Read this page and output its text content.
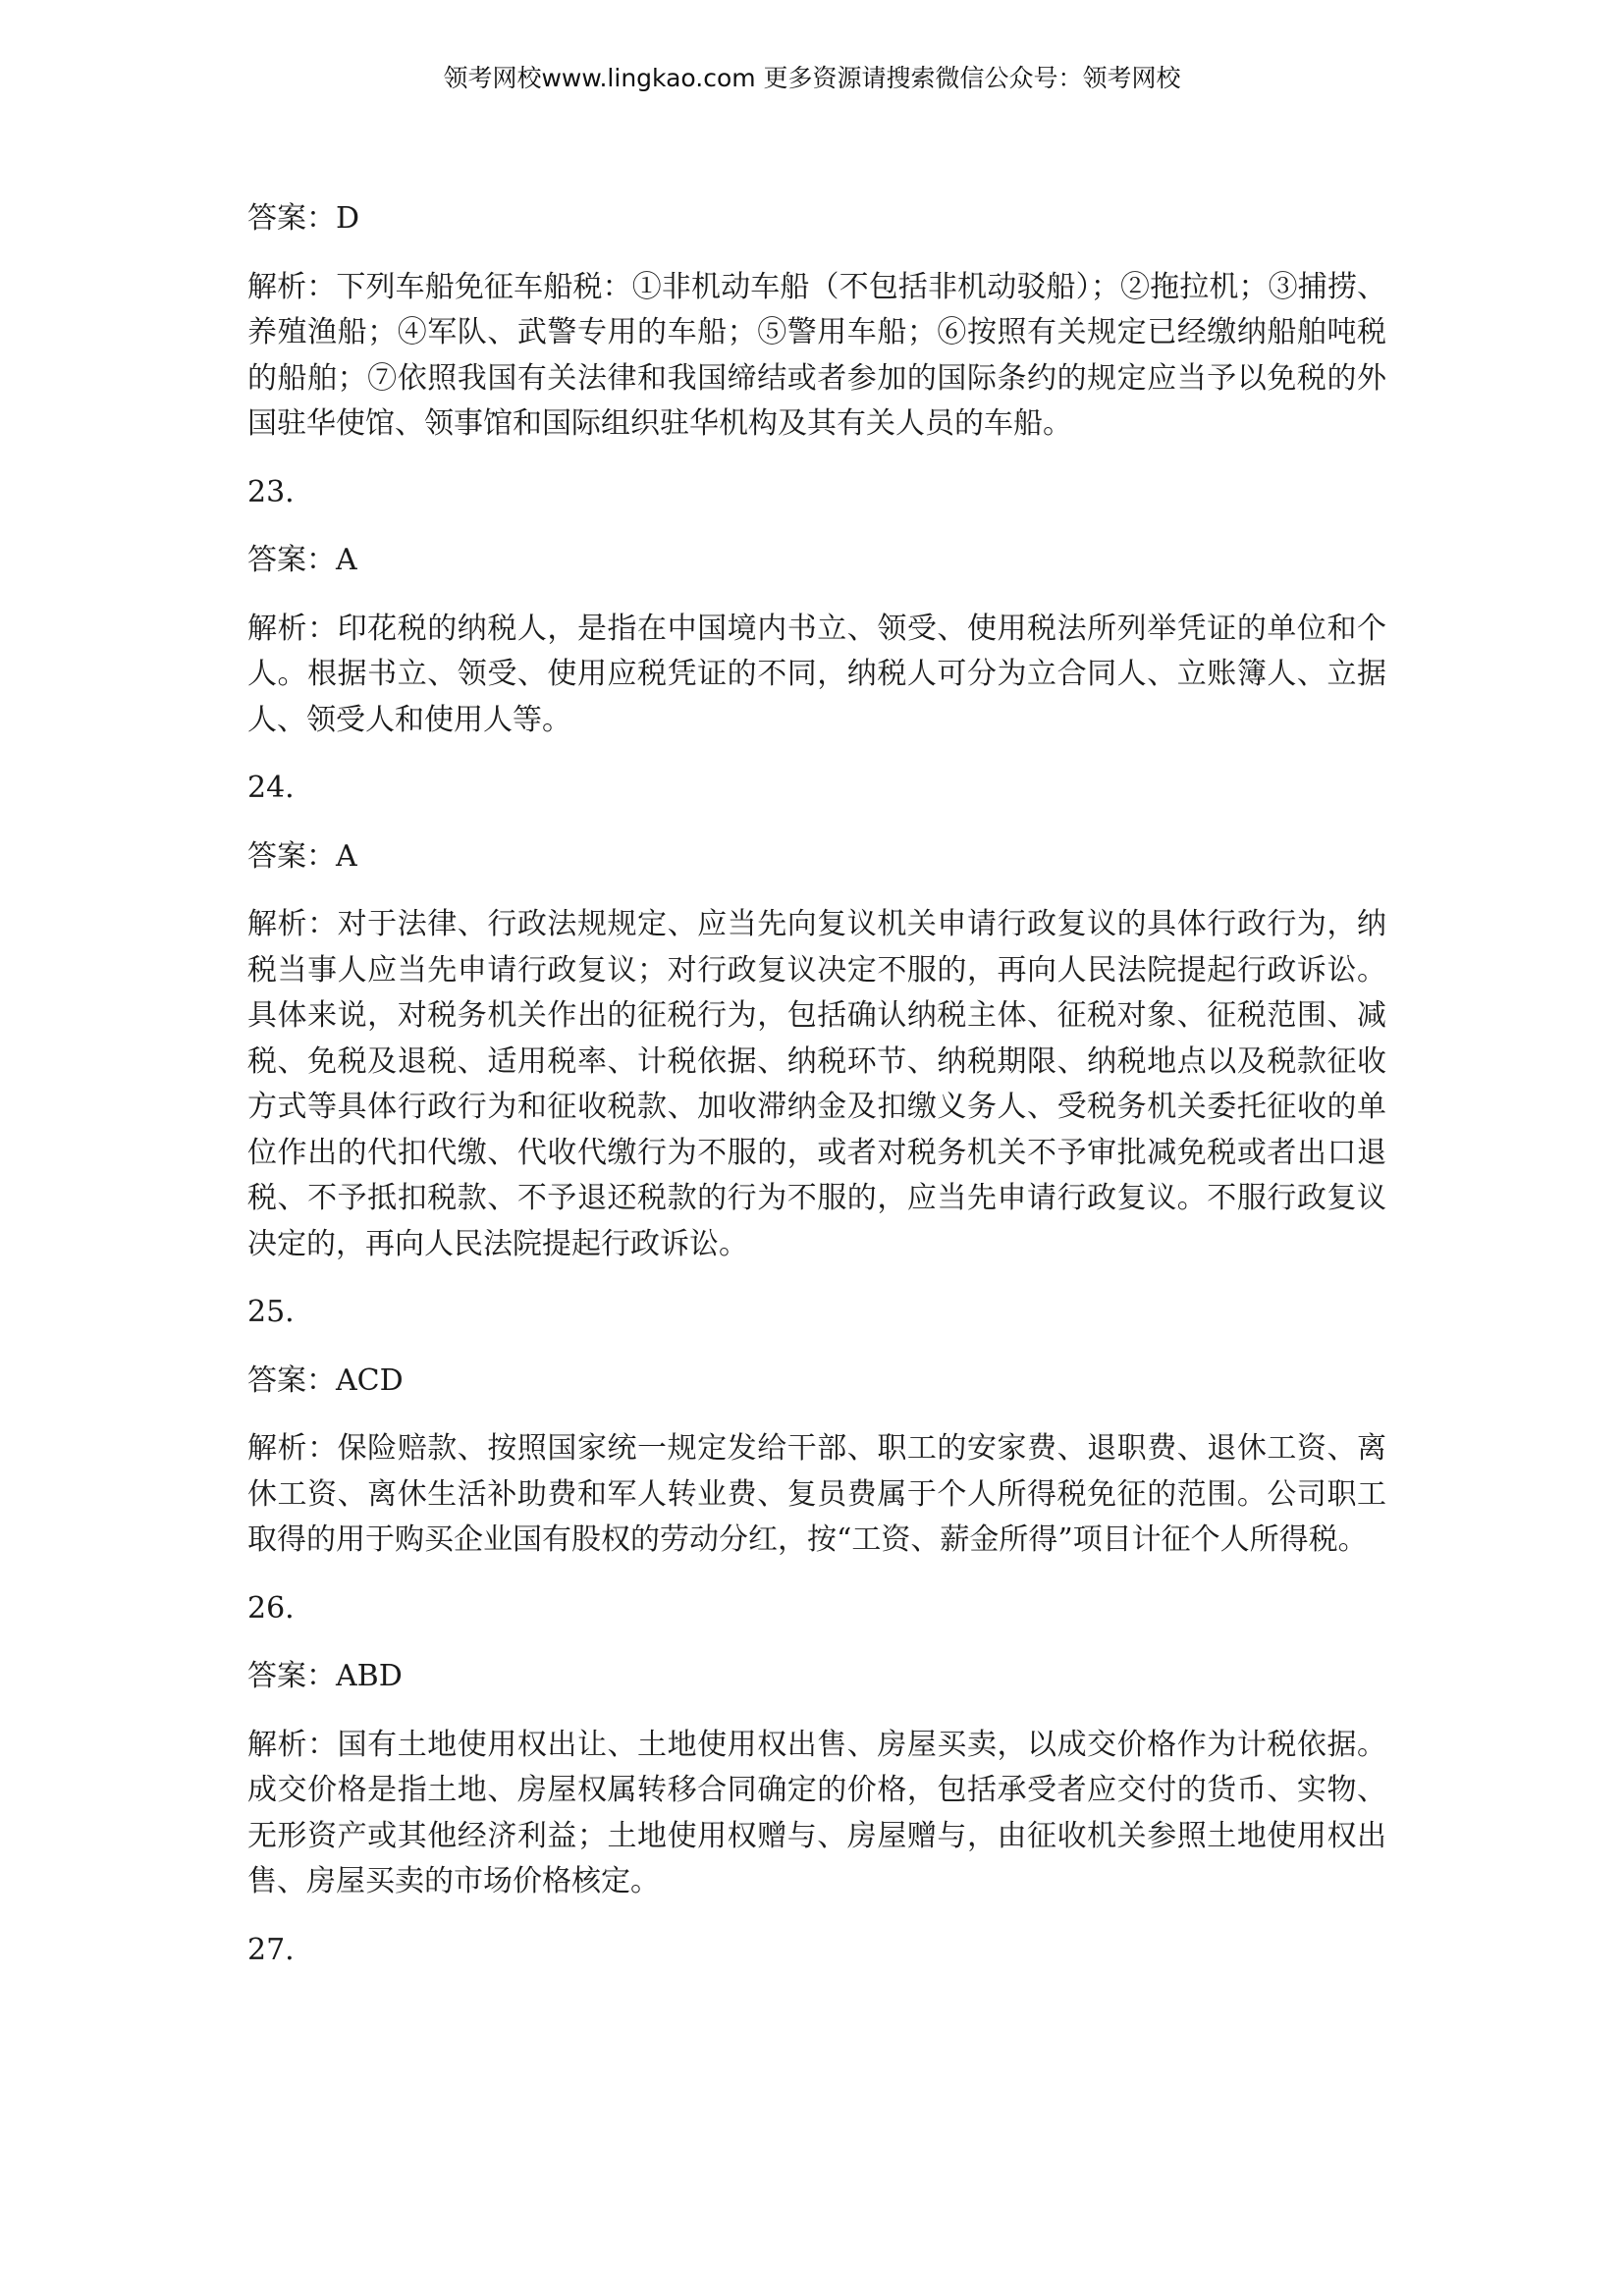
领考网校www.lingkao.com 更多资源请搜索微信公众号：领考网校

答案：D

解析：下列车船免征车船税：①非机动车船（不包括非机动驳船）；②拖拉机；③捕捞、养殖渔船；④军队、武警专用的车船；⑤警用车船；⑥按照有关规定已经缴纳船舶吨税的船舶；⑦依照我国有关法律和我国缔结或者参加的国际条约的规定应当予以免税的外国驻华使馆、领事馆和国际组织驻华机构及其有关人员的车船。

23.

答案：A

解析：印花税的纳税人，是指在中国境内书立、领受、使用税法所列举凭证的单位和个人。根据书立、领受、使用应税凭证的不同，纳税人可分为立合同人、立账簿人、立据人、领受人和使用人等。

24.

答案：A

解析：对于法律、行政法规规定、应当先向复议机关申请行政复议的具体行政行为，纳税当事人应当先申请行政复议；对行政复议决定不服的，再向人民法院提起行政诉讼。具体来说，对税务机关作出的征税行为，包括确认纳税主体、征税对象、征税范围、减税、免税及退税、适用税率、计税依据、纳税环节、纳税期限、纳税地点以及税款征收方式等具体行政行为和征收税款、加收滞纳金及扣缴义务人、受税务机关委托征收的单位作出的代扣代缴、代收代缴行为不服的，或者对税务机关不予审批减免税或者出口退税、不予抵扣税款、不予退还税款的行为不服的，应当先申请行政复议。不服行政复议决定的，再向人民法院提起行政诉讼。

25.

答案：ACD

解析：保险赔款、按照国家统一规定发给干部、职工的安家费、退职费、退休工资、离休工资、离休生活补助费和军人转业费、复员费属于个人所得税免征的范围。公司职工取得的用于购买企业国有股权的劳动分红，按“工资、薪金所得”项目计征个人所得税。

26.

答案：ABD

解析：国有土地使用权出让、土地使用权出售、房屋买卖，以成交价格作为计税依据。成交价格是指土地、房屋权属转移合同确定的价格，包括承受者应交付的货币、实物、无形资产或其他经济利益；土地使用权赠与、房屋赠与，由征收机关参照土地使用权出售、房屋买卖的市场价格核定。

27.
